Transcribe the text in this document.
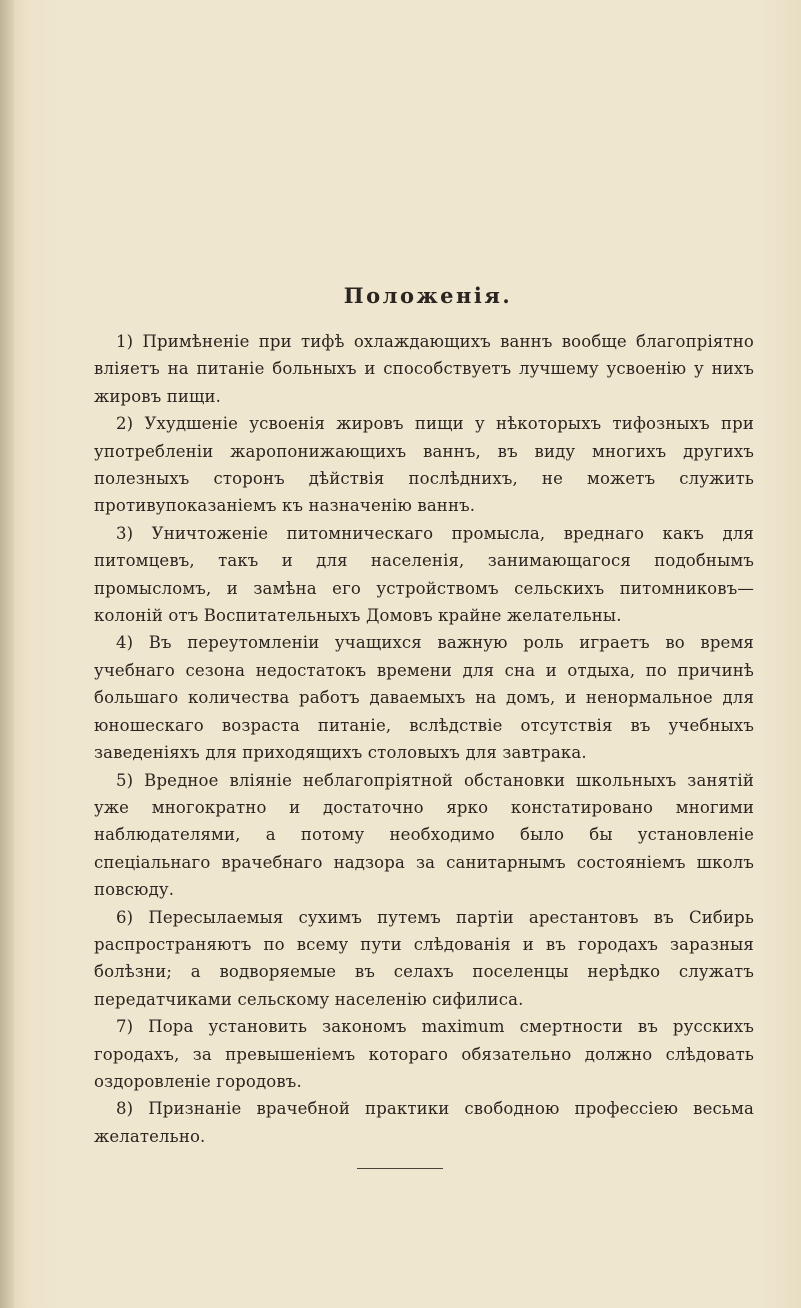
Положенія.

1) Примѣненіе при тифѣ охлаждающихъ ваннъ вообще благопріятно вліяетъ на питаніе больныхъ и способствуетъ лучшему усвоенію у нихъ жировъ пищи.

2) Ухудшеніе усвоенія жировъ пищи у нѣкоторыхъ тифозныхъ при употребленіи жаропонижающихъ ваннъ, въ виду многихъ другихъ полезныхъ сторонъ дѣйствія послѣднихъ, не можетъ служить противупоказаніемъ къ назначенію ваннъ.

3) Уничтоженіе питомническаго промысла, вреднаго какъ для питомцевъ, такъ и для населенія, занимающагося подобнымъ промысломъ, и замѣна его устройствомъ сельскихъ питомниковъ—колоній отъ Воспитательныхъ Домовъ крайне желательны.

4) Въ переутомленіи учащихся важную роль играетъ во время учебнаго сезона недостатокъ времени для сна и отдыха, по причинѣ большаго количества работъ даваемыхъ на домъ, и ненормальное для юношескаго возраста питаніе, вслѣдствіе отсутствія въ учебныхъ заведеніяхъ для приходящихъ столовыхъ для завтрака.

5) Вредное вліяніе неблагопріятной обстановки школьныхъ занятій уже многократно и достаточно ярко констатировано многими наблюдателями, а потому необходимо было бы установленіе спеціальнаго врачебнаго надзора за санитарнымъ состояніемъ школъ повсюду.

6) Пересылаемыя сухимъ путемъ партіи арестантовъ въ Сибирь распространяютъ по всему пути слѣдованія и въ городахъ заразныя болѣзни; а водворяемые въ селахъ поселенцы нерѣдко служатъ передатчиками сельскому населенію сифилиса.

7) Пора установить закономъ maximum смертности въ русскихъ городахъ, за превышеніемъ котораго обязательно должно слѣдовать оздоровленіе городовъ.

8) Признаніе врачебной практики свободною профессіею весьма желательно.
